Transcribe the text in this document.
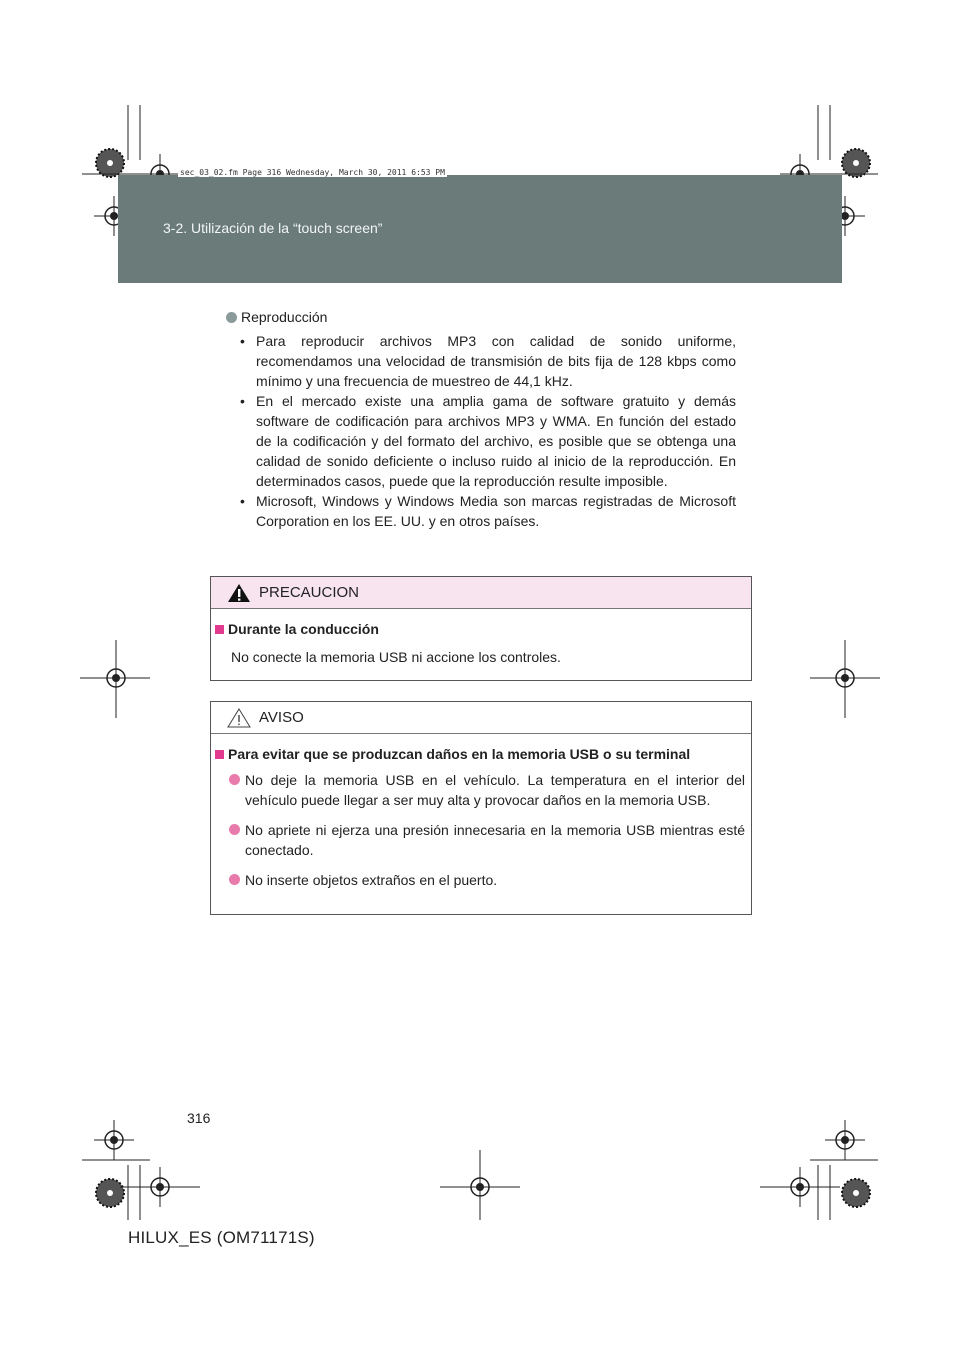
3-2. Utilización de la “touch screen”
sec_03_02.fm Page 316 Wednesday, March 30, 2011 6:53 PM
Reproducción
• Para reproducir archivos MP3 con calidad de sonido uniforme, recomendamos una velocidad de transmisión de bits fija de 128 kbps como mínimo y una frecuencia de muestreo de 44,1 kHz.
• En el mercado existe una amplia gama de software gratuito y demás software de codificación para archivos MP3 y WMA. En función del estado de la codificación y del formato del archivo, es posible que se obtenga una calidad de sonido deficiente o incluso ruido al inicio de la reproducción. En determinados casos, puede que la reproducción resulte imposible.
• Microsoft, Windows y Windows Media son marcas registradas de Microsoft Corporation en los EE. UU. y en otros países.
PRECAUCION
Durante la conducción
No conecte la memoria USB ni accione los controles.
AVISO
Para evitar que se produzcan daños en la memoria USB o su terminal
No deje la memoria USB en el vehículo. La temperatura en el interior del vehículo puede llegar a ser muy alta y provocar daños en la memoria USB.
No apriete ni ejerza una presión innecesaria en la memoria USB mientras esté conectado.
No inserte objetos extraños en el puerto.
316
HILUX_ES (OM71171S)
